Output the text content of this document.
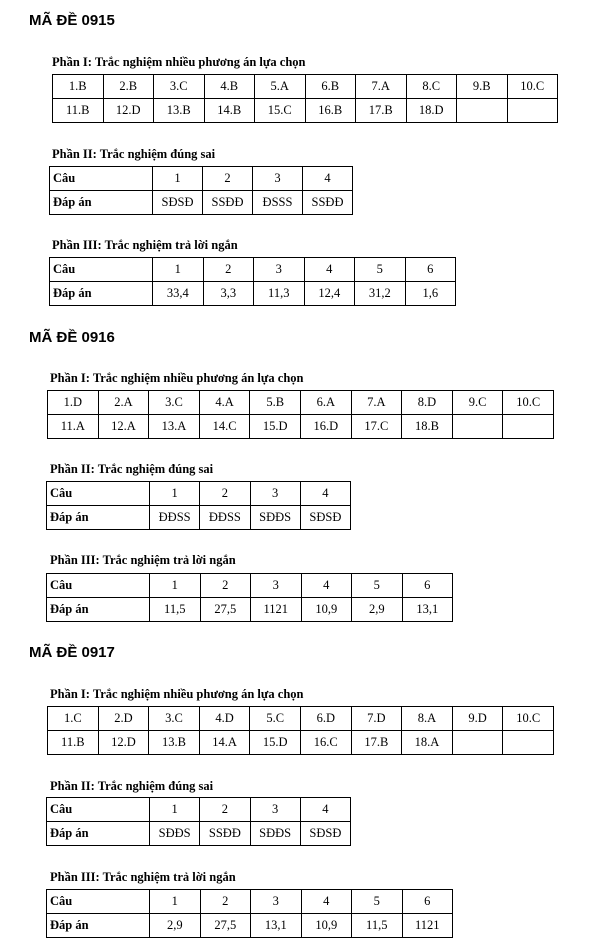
MÃ ĐỀ 0915

Phần I: Trắc nghiệm nhiều phương án lựa chọn

1.B	2.B	3.C	4.B	5.A	6.B	7.A	8.C	9.B	10.C
11.B	12.D	13.B	14.B	15.C	16.B	17.B	18.D		

Phần II: Trắc nghiệm đúng sai

Câu	1	2	3	4
Đáp án	SĐSĐ	SSĐĐ	ĐSSS	SSĐĐ

Phần III: Trắc nghiệm trả lời ngắn

Câu	1	2	3	4	5	6
Đáp án	33,4	3,3	11,3	12,4	31,2	1,6
MÃ ĐỀ 0916

Phần I: Trắc nghiệm nhiều phương án lựa chọn

1.D	2.A	3.C	4.A	5.B	6.A	7.A	8.D	9.C	10.C
11.A	12.A	13.A	14.C	15.D	16.D	17.C	18.B		

Phần II: Trắc nghiệm đúng sai

Câu	1	2	3	4
Đáp án	ĐĐSS	ĐĐSS	SĐĐS	SĐSĐ

Phần III: Trắc nghiệm trả lời ngắn

Câu	1	2	3	4	5	6
Đáp án	11,5	27,5	1121	10,9	2,9	13,1
MÃ ĐỀ 0917

Phần I: Trắc nghiệm nhiều phương án lựa chọn

1.C	2.D	3.C	4.D	5.C	6.D	7.D	8.A	9.D	10.C
11.B	12.D	13.B	14.A	15.D	16.C	17.B	18.A		

Phần II: Trắc nghiệm đúng sai

Câu	1	2	3	4
Đáp án	SĐĐS	SSĐĐ	SĐĐS	SĐSĐ

Phần III: Trắc nghiệm trả lời ngắn

Câu	1	2	3	4	5	6
Đáp án	2,9	27,5	13,1	10,9	11,5	1121
